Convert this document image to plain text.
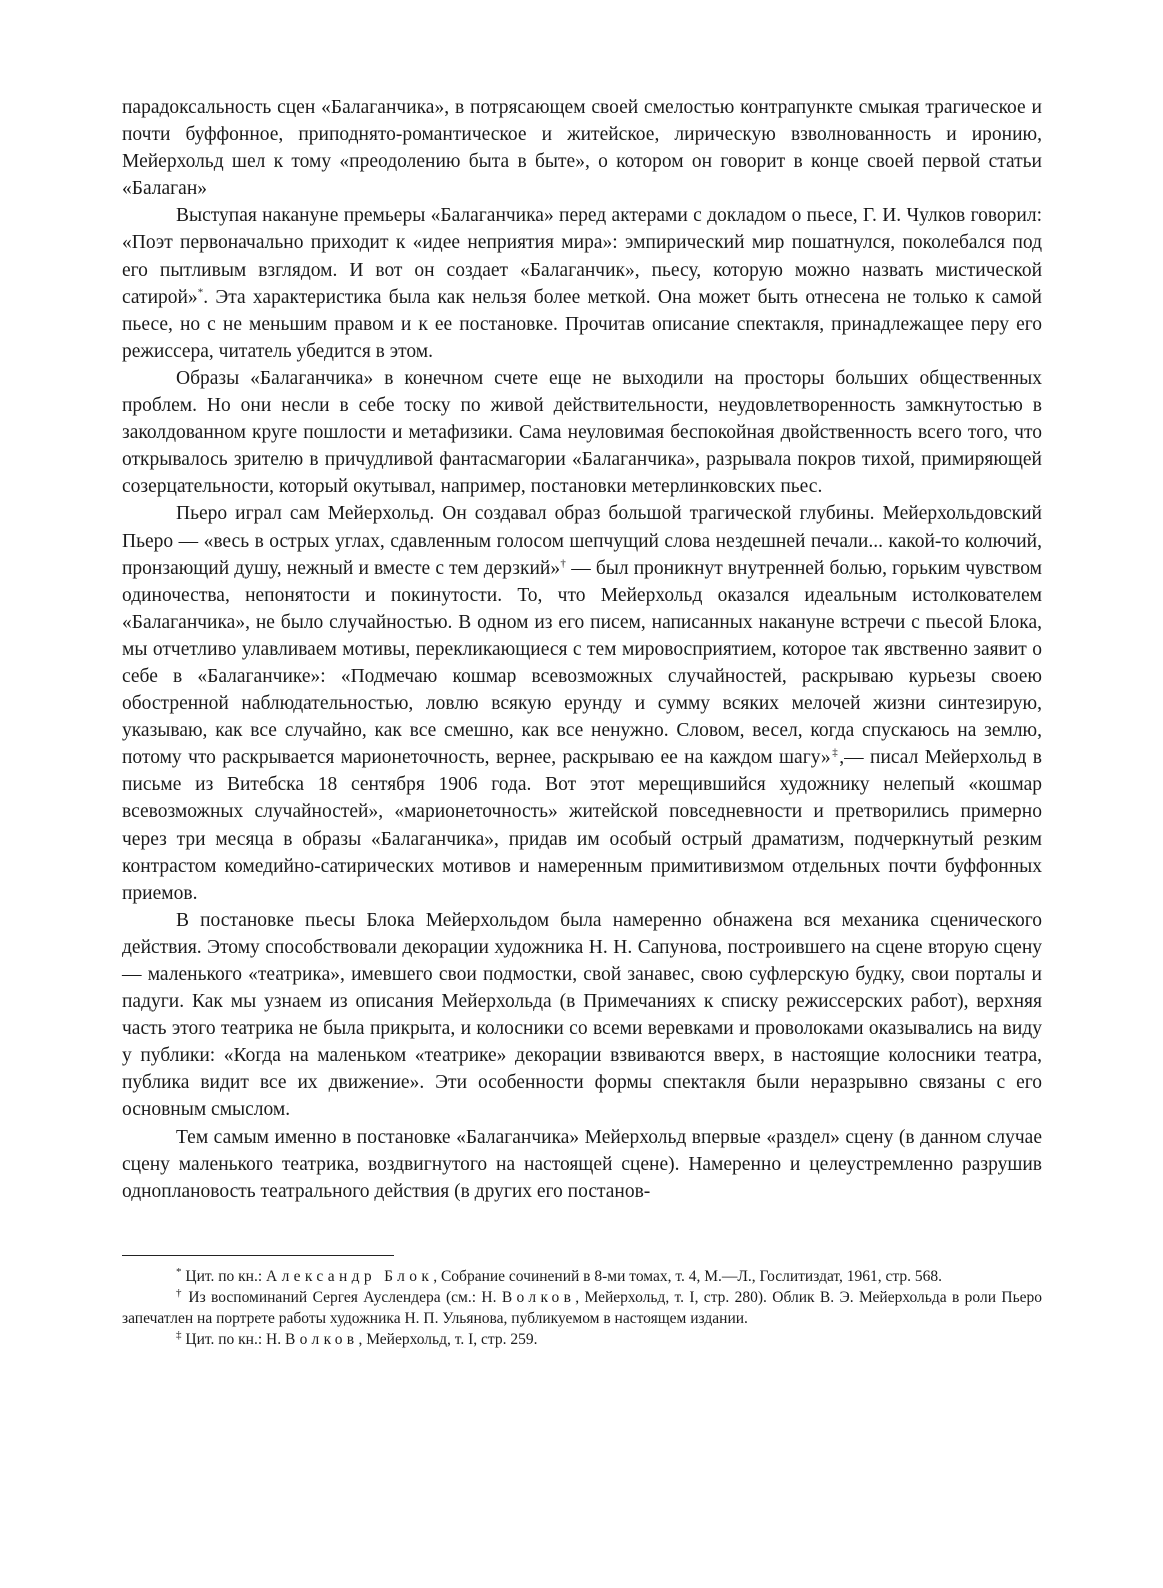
парадоксальность сцен «Балаганчика», в потрясающем своей смелостью контрапункте смыкая трагическое и почти буффонное, приподнято-романтическое и житейское, лирическую взволнованность и иронию, Мейерхольд шел к тому «преодолению быта в быте», о котором он говорит в конце своей первой статьи «Балаган»

Выступая накануне премьеры «Балаганчика» перед актерами с докладом о пьесе, Г. И. Чулков говорил: «Поэт первоначально приходит к «идее неприятия мира»: эмпирический мир пошатнулся, поколебался под его пытливым взглядом. И вот он создает «Балаганчик», пьесу, которую можно назвать мистической сатирой»*. Эта характеристика была как нельзя более меткой. Она может быть отнесена не только к самой пьесе, но с не меньшим правом и к ее постановке. Прочитав описание спектакля, принадлежащее перу его режиссера, читатель убедится в этом.

Образы «Балаганчика» в конечном счете еще не выходили на просторы больших общественных проблем. Но они несли в себе тоску по живой действительности, неудовлетворенность замкнутостью в заколдованном круге пошлости и метафизики. Сама неуловимая беспокойная двойственность всего того, что открывалось зрителю в причудливой фантасмагории «Балаганчика», разрывала покров тихой, примиряющей созерцательности, который окутывал, например, постановки метерлинковских пьес.

Пьеро играл сам Мейерхольд. Он создавал образ большой трагической глубины. Мейерхольдовский Пьеро — «весь в острых углах, сдавленным голосом шепчущий слова нездешней печали... какой-то колючий, пронзающий душу, нежный и вместе с тем дерзкий»† — был проникнут внутренней болью, горьким чувством одиночества, непонятости и покинутости. То, что Мейерхольд оказался идеальным истолкователем «Балаганчика», не было случайностью. В одном из его писем, написанных накануне встречи с пьесой Блока, мы отчетливо улавливаем мотивы, перекликающиеся с тем мировосприятием, которое так явственно заявит о себе в «Балаганчике»: «Подмечаю кошмар всевозможных случайностей, раскрываю курьезы своею обостренной наблюдательностью, ловлю всякую ерунду и сумму всяких мелочей жизни синтезирую, указываю, как все случайно, как все смешно, как все ненужно. Словом, весел, когда спускаюсь на землю, потому что раскрывается марионеточность, вернее, раскрываю ее на каждом шагу»‡,— писал Мейерхольд в письме из Витебска 18 сентября 1906 года. Вот этот мерещившийся художнику нелепый «кошмар всевозможных случайностей», «марионеточность» житейской повседневности и претворились примерно через три месяца в образы «Балаганчика», придав им особый острый драматизм, подчеркнутый резким контрастом комедийно-сатирических мотивов и намеренным примитивизмом отдельных почти буффонных приемов.

В постановке пьесы Блока Мейерхольдом была намеренно обнажена вся механика сценического действия. Этому способствовали декорации художника Н. Н. Сапунова, построившего на сцене вторую сцену — маленького «театрика», имевшего свои подмостки, свой занавес, свою суфлерскую будку, свои порталы и падуги. Как мы узнаем из описания Мейерхольда (в Примечаниях к списку режиссерских работ), верхняя часть этого театрика не была прикрыта, и колосники со всеми веревками и проволоками оказывались на виду у публики: «Когда на маленьком «театрике» декорации взвиваются вверх, в настоящие колосники театра, публика видит все их движение». Эти особенности формы спектакля были неразрывно связаны с его основным смыслом.

Тем самым именно в постановке «Балаганчика» Мейерхольд впервые «раздел» сцену (в данном случае сцену маленького театрика, воздвигнутого на настоящей сцене). Намеренно и целеустремленно разрушив одноплановость театрального действия (в других его постанов-

* Цит. по кн.: Александр Блок, Собрание сочинений в 8-ми томах, т. 4, М.—Л., Гослитиздат, 1961, стр. 568.

† Из воспоминаний Сергея Ауслендера (см.: Н. Волков, Мейерхольд, т. I, стр. 280). Облик В. Э. Мейерхольда в роли Пьеро запечатлен на портрете работы художника Н. П. Ульянова, публикуемом в настоящем издании.

‡ Цит. по кн.: Н. Волков, Мейерхольд, т. I, стр. 259.
